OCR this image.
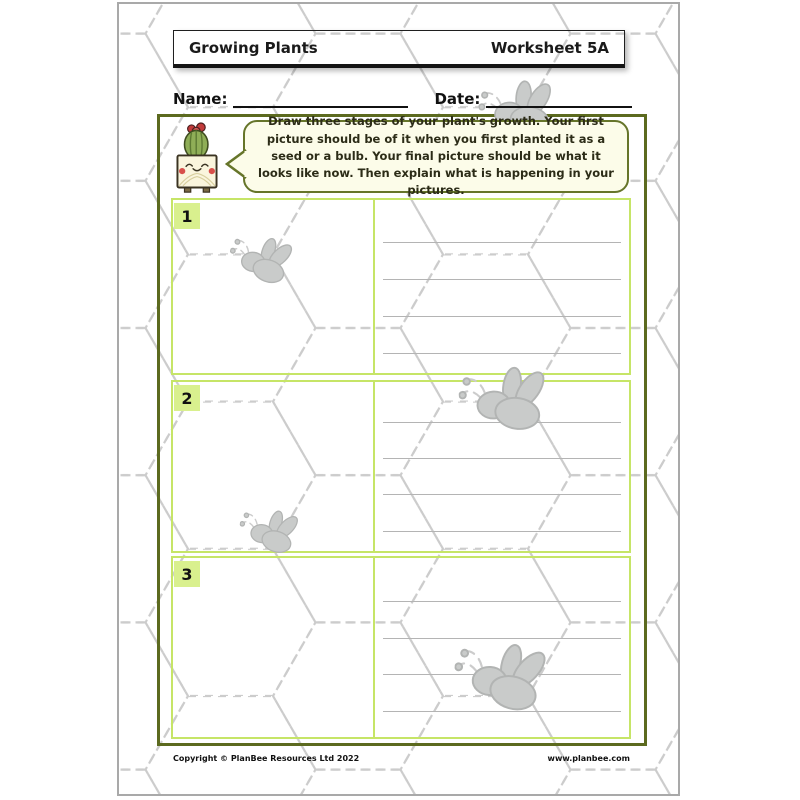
Growing Plants	Worksheet 5A
Name:	Date:
Draw three stages of your plant's growth. Your first picture should be of it when you first planted it as a seed or a bulb. Your final picture should be what it looks like now. Then explain what is happening in your pictures.
1
2
3
Copyright © PlanBee Resources Ltd 2022	www.planbee.com
